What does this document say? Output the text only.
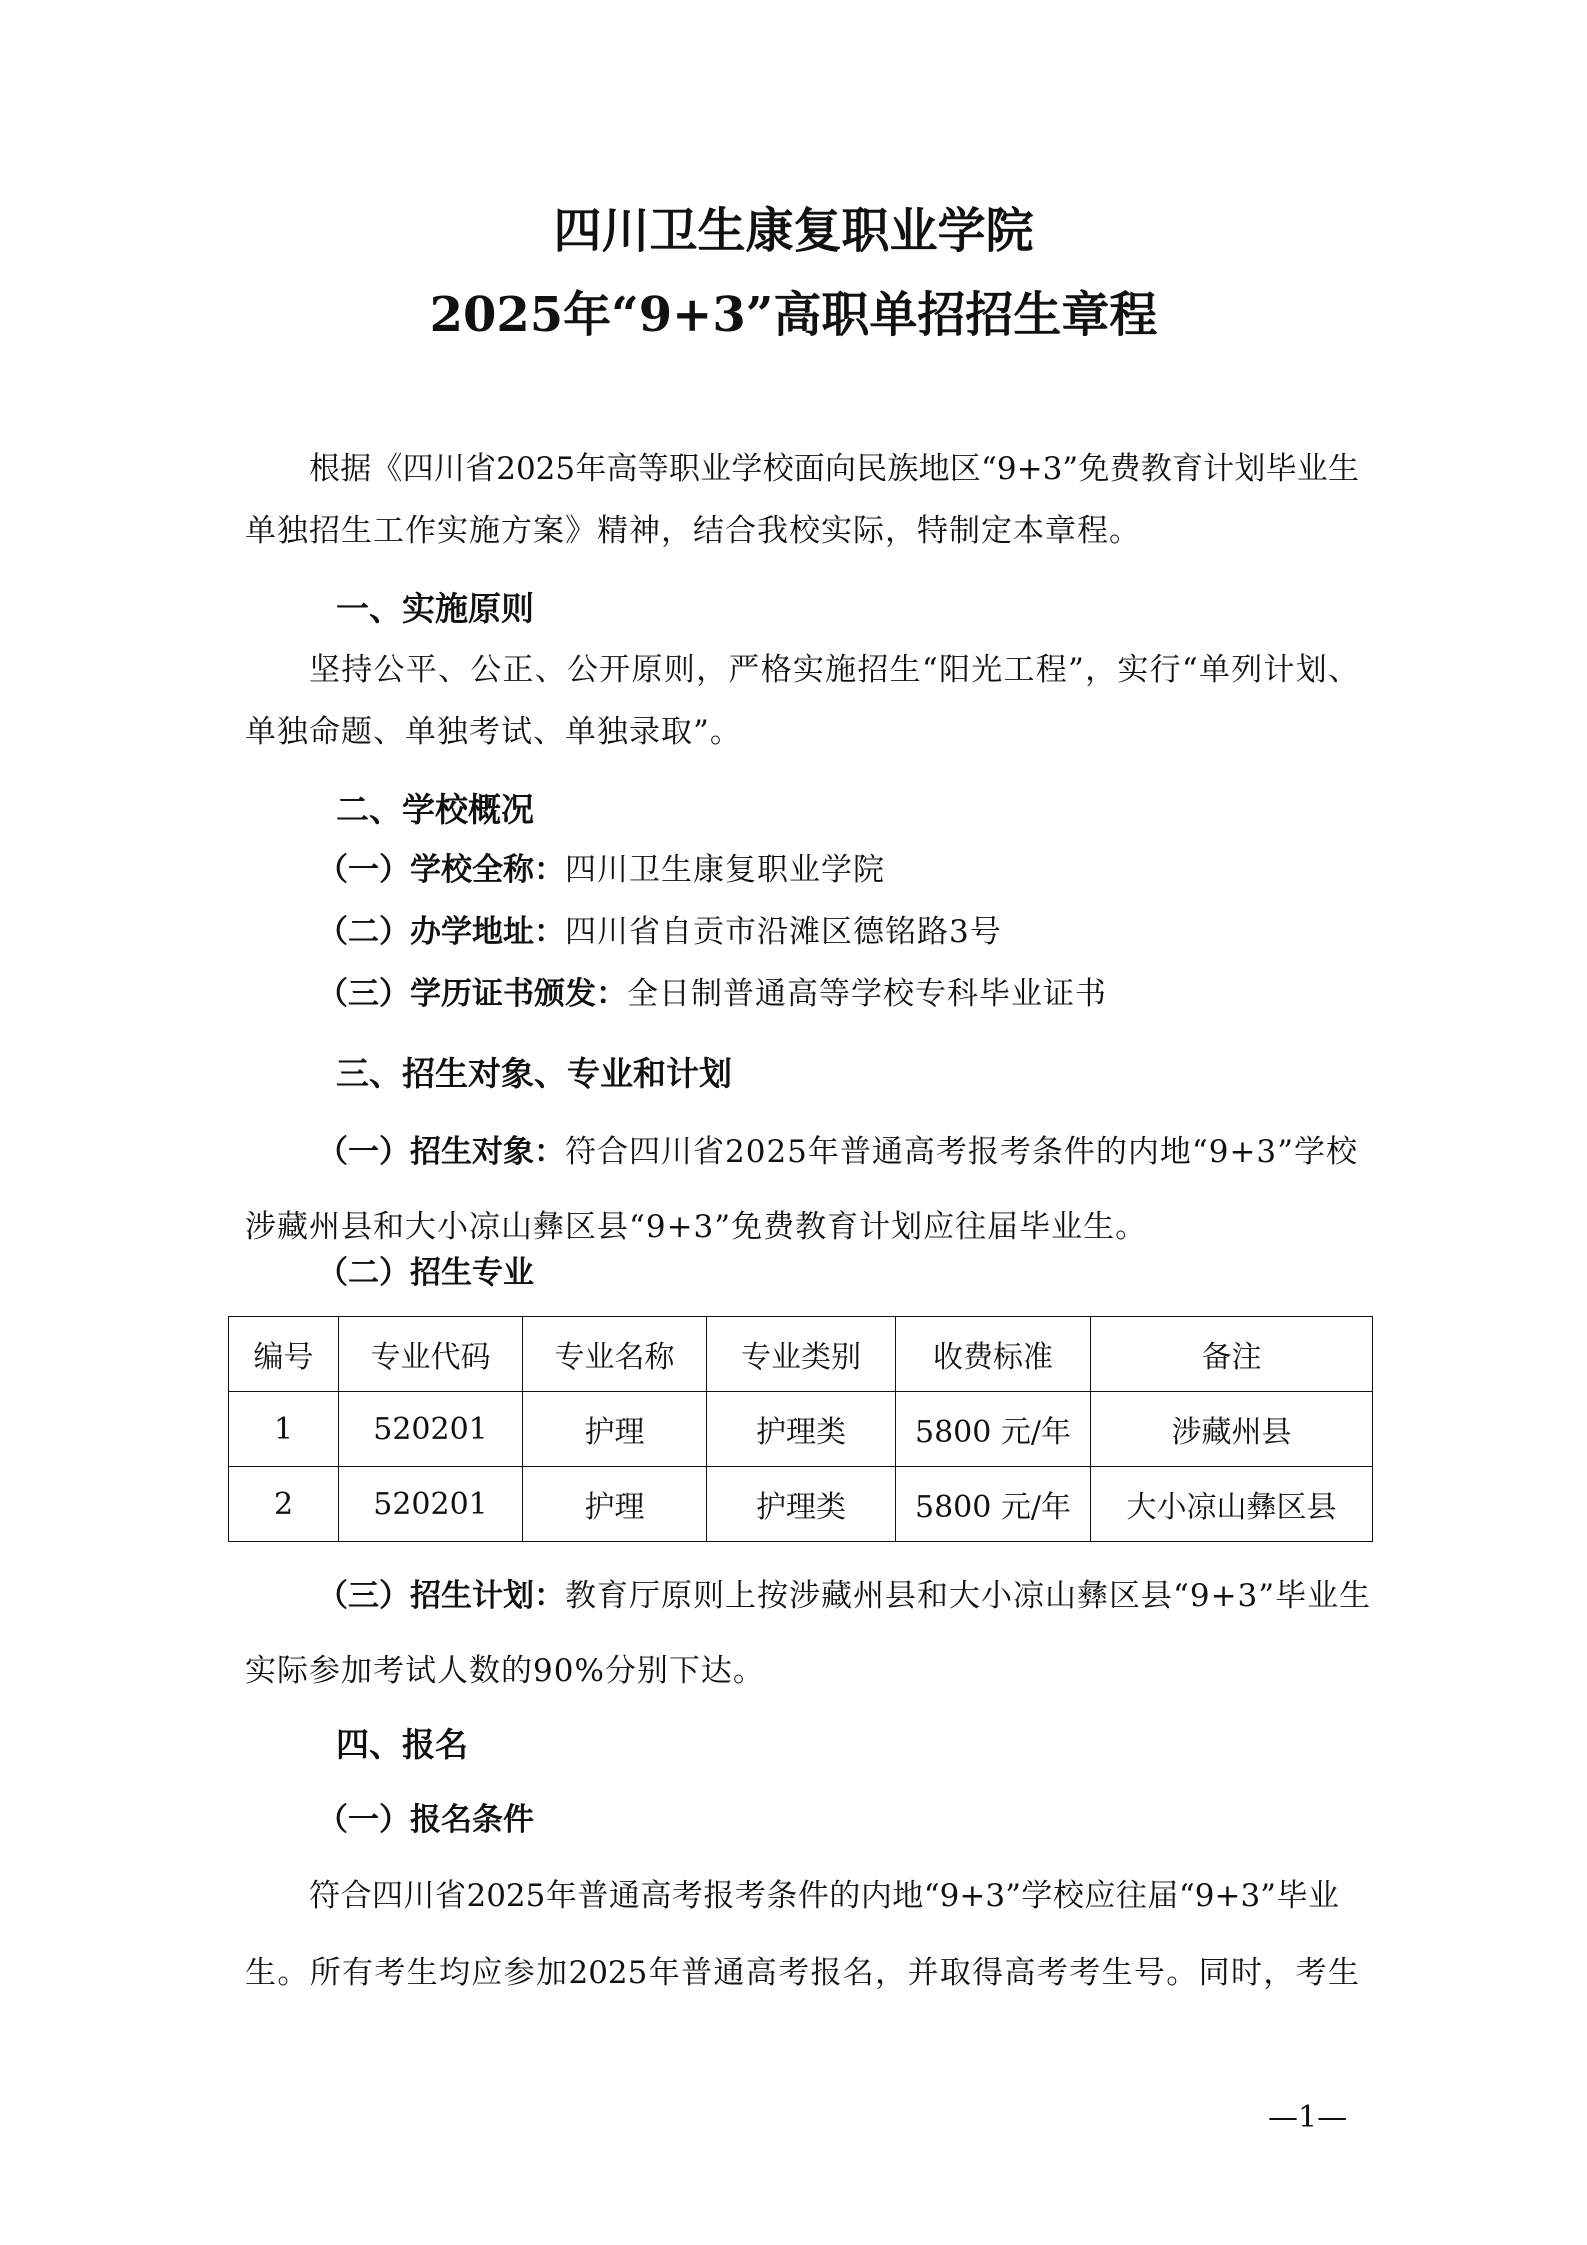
四川卫生康复职业学院
2025年“9+3”高职单招招生章程
根据《四川省2025年高等职业学校面向民族地区“9+3”免费教育计划毕业生
单独招生工作实施方案》精神，结合我校实际，特制定本章程。
一、实施原则
坚持公平、公正、公开原则，严格实施招生“阳光工程”，实行“单列计划、
单独命题、单独考试、单独录取”。
二、学校概况
（一）学校全称：四川卫生康复职业学院
（二）办学地址：四川省自贡市沿滩区德铭路3号
（三）学历证书颁发：全日制普通高等学校专科毕业证书
三、招生对象、专业和计划
（一）招生对象：符合四川省2025年普通高考报考条件的内地“9+3”学校
涉藏州县和大小凉山彝区县“9+3”免费教育计划应往届毕业生。
（二）招生专业
编号	专业代码	专业名称	专业类别	收费标准	备注
1	520201	护理	护理类	5800 元/年	涉藏州县
2	520201	护理	护理类	5800 元/年	大小凉山彝区县
（三）招生计划：教育厅原则上按涉藏州县和大小凉山彝区县“9+3”毕业生
实际参加考试人数的90%分别下达。
四、报名
（一）报名条件
符合四川省2025年普通高考报考条件的内地“9+3”学校应往届“9+3”毕业
生。所有考生均应参加2025年普通高考报名，并取得高考考生号。同时，考生
—1—
